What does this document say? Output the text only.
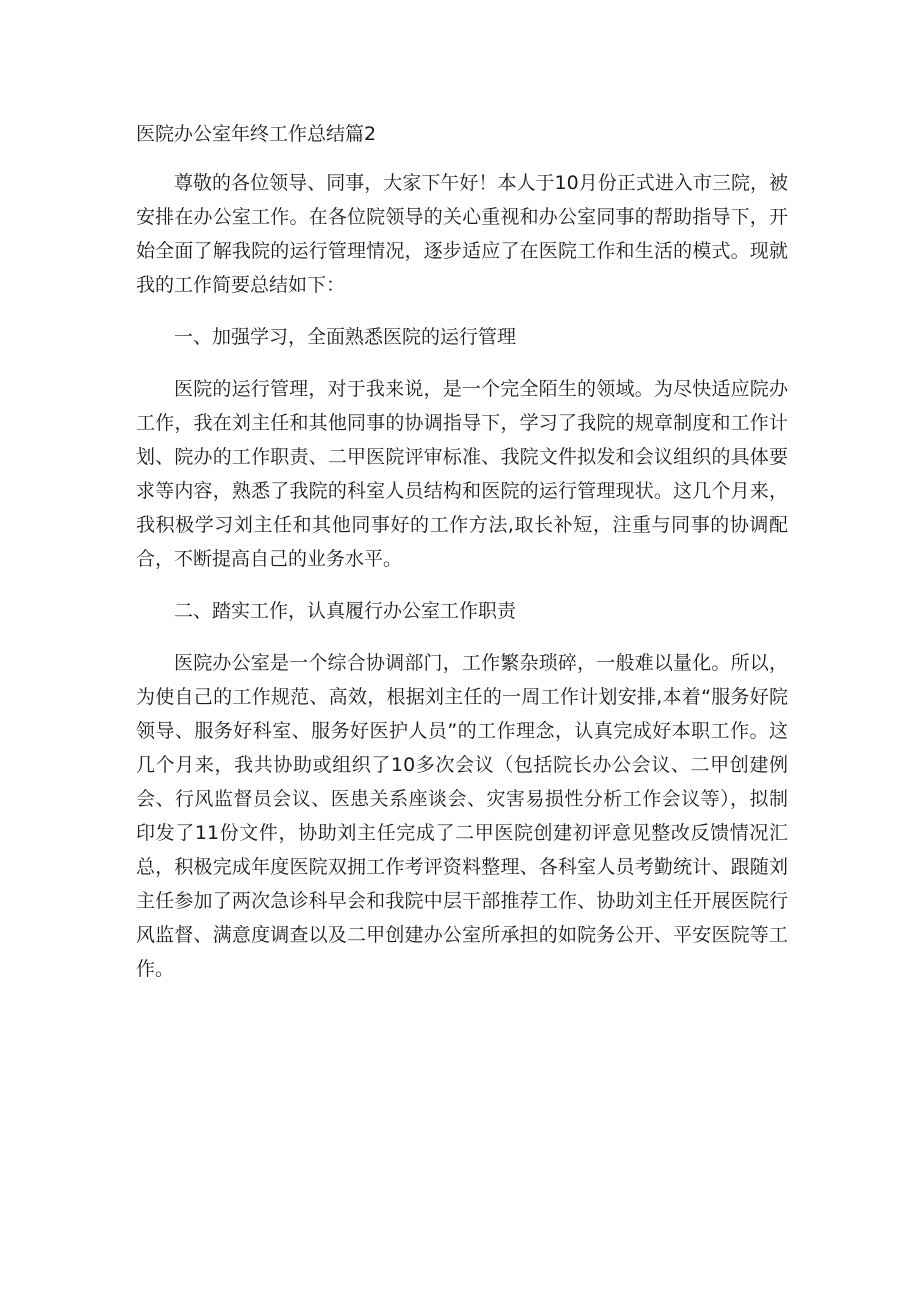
医院办公室年终工作总结篇2

尊敬的各位领导、同事，大家下午好！本人于10月份正式进入市三院，被安排在办公室工作。在各位院领导的关心重视和办公室同事的帮助指导下，开始全面了解我院的运行管理情况，逐步适应了在医院工作和生活的模式。现就我的工作简要总结如下：

一、加强学习，全面熟悉医院的运行管理

医院的运行管理，对于我来说，是一个完全陌生的领域。为尽快适应院办工作，我在刘主任和其他同事的协调指导下，学习了我院的规章制度和工作计划、院办的工作职责、二甲医院评审标准、我院文件拟发和会议组织的具体要求等内容，熟悉了我院的科室人员结构和医院的运行管理现状。这几个月来，我积极学习刘主任和其他同事好的工作方法,取长补短，注重与同事的协调配合，不断提高自己的业务水平。

二、踏实工作，认真履行办公室工作职责

医院办公室是一个综合协调部门，工作繁杂琐碎，一般难以量化。所以，为使自己的工作规范、高效，根据刘主任的一周工作计划安排,本着“服务好院领导、服务好科室、服务好医护人员”的工作理念，认真完成好本职工作。这几个月来，我共协助或组织了10多次会议（包括院长办公会议、二甲创建例会、行风监督员会议、医患关系座谈会、灾害易损性分析工作会议等），拟制印发了11份文件，协助刘主任完成了二甲医院创建初评意见整改反馈情况汇总，积极完成年度医院双拥工作考评资料整理、各科室人员考勤统计、跟随刘主任参加了两次急诊科早会和我院中层干部推荐工作、协助刘主任开展医院行风监督、满意度调查以及二甲创建办公室所承担的如院务公开、平安医院等工作。
